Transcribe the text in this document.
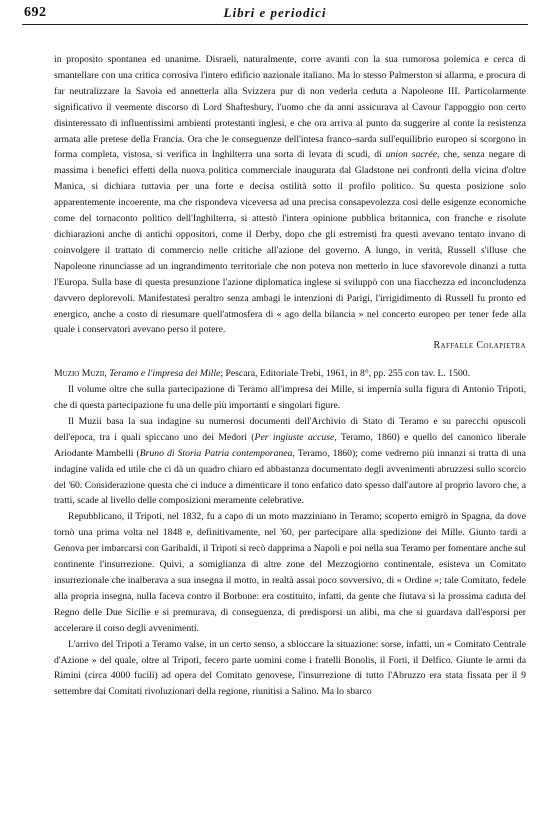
692	Libri e periodici

in proposito spontanea ed unanime. Disraeli, naturalmente, corre avanti con la sua rumorosa polemica e cerca di smantellare con una critica corrosiva l'intero edificio nazionale italiano. Ma lo stesso Palmerston si allarma, e procura di far neutralizzare la Savoia ed annetterla alla Svizzera pur di non vederla ceduta a Napoleone III. Particolarmente significativo il veemente discorso di Lord Shaftesbury, l'uomo che da anni assicurava al Cavour l'appoggio non certo disinteressato di influentissimi ambienti protestanti inglesi, e che ora arriva al punto da suggerire al conte la resistenza armata alle pretese della Francia. Ora che le conseguenze dell'intesa franco–sarda sull'equilibrio europeo si scorgono in forma completa, vistosa, si verifica in Inghilterra una sorta di levata di scudi, di union sacrée, che, senza negare di massima i benefici effetti della nuova politica commerciale inaugurata dal Gladstone nei confronti della vicina d'oltre Manica, si dichiara tuttavia per una forte e decisa ostilità sotto il profilo politico. Su questa posizione solo apparentemente incoerente, ma che rispondeva viceversa ad una precisa consapevolezza così delle esigenze economiche come del tornaconto politico dell'Inghilterra, si attestò l'intera opinione pubblica britannica, con franche e risolute dichiarazioni anche di antichi oppositori, come il Derby, dopo che gli estremisti fra questi avevano tentato invano di coinvolgere il trattato di commercio nelle critiche all'azione del governo. A lungo, in verità, Russell s'illuse che Napoleone rinunciasse ad un ingrandimento territoriale che non poteva non metterlo in luce sfavorevole dinanzi a tutta l'Europa. Sulla base di questa presunzione l'azione diplomatica inglese si sviluppò con una fiacchezza ed inconcludenza davvero deplorevoli. Manifestatesi peraltro senza ambagi le intenzioni di Parigi, l'irrigidimento di Russell fu pronto ed energico, anche a costo di riesumare quell'atmosfera di « ago della bilancia » nel concerto europeo per tener fede alla quale i conservatori avevano perso il potere.

Raffaele Colapietra

Muzio Muzii, Teramo e l'impresa dei Mille; Pescara, Editoriale Trebi, 1961, in 8°, pp. 255 con tav. L. 1500.

Il volume oltre che sulla partecipazione di Teramo all'impresa dei Mille, si impernia sulla figura di Antonio Tripoti, che di questa partecipazione fu una delle più importanti e singolari figure.

Il Muzii basa la sua indagine su numerosi documenti dell'Archivio di Stato di Teramo e su parecchi opuscoli dell'epoca, tra i quali spiccano uno dei Medori (Per ingiuste accuse, Teramo, 1860) e quello del canonico liberale Ariodante Mambelli (Bruno di Storia Patria contemporanea, Teramo, 1860); come vedremo più innanzi si tratta di una indagine valida ed utile che ci dà un quadro chiaro ed abbastanza documentato degli avvenimenti abruzzesi sullo scorcio del '60. Considerazione questa che ci induce a dimenticare il tono enfatico dato spesso dall'autore al proprio lavoro che, a tratti, scade al livello delle composizioni meramente celebrative.

Repubblicano, il Tripoti, nel 1832, fu a capo di un moto mazziniano in Teramo; scoperto emigrò in Spagna, da dove tornò una prima volta nel 1848 e, definitivamente, nel '60, per partecipare alla spedizione dei Mille. Giunto tardi a Genova per imbarcarsi con Garibaldi, il Tripoti si recò dapprima a Napoli e poi nella sua Teramo per fomentare anche sul continente l'insurrezione. Quivi, a somiglianza di altre zone del Mezzogiorno continentale, esisteva un Comitato insurrezionale che inalberava a sua insegna il motto, in realtà assai poco sovversivo, di « Ordine »; tale Comitato, fedele alla propria insegna, nulla faceva contro il Borbone: era costituito, infatti, da gente che fiutava sì la prossima caduta del Regno delle Due Sicilie e si premurava, di conseguenza, di predisporsi un alibi, ma che si guardava dall'esporsi per accelerare il corso degli avvenimenti.

L'arrivo del Tripoti a Teramo valse, in un certo senso, a sbloccare la situazione: sorse, infatti, un « Comitato Centrale d'Azione » del quale, oltre al Tripoti, fecero parte uomini come i fratelli Bonolis, il Forti, il Delfico. Giunte le armi da Rimini (circa 4000 fucili) ad opera del Comitato genovese, l'insurrezione di tutto l'Abruzzo era stata fissata per il 9 settembre dai Comitati rivoluzionari della regione, riunitisi a Salino. Ma lo sbarco
